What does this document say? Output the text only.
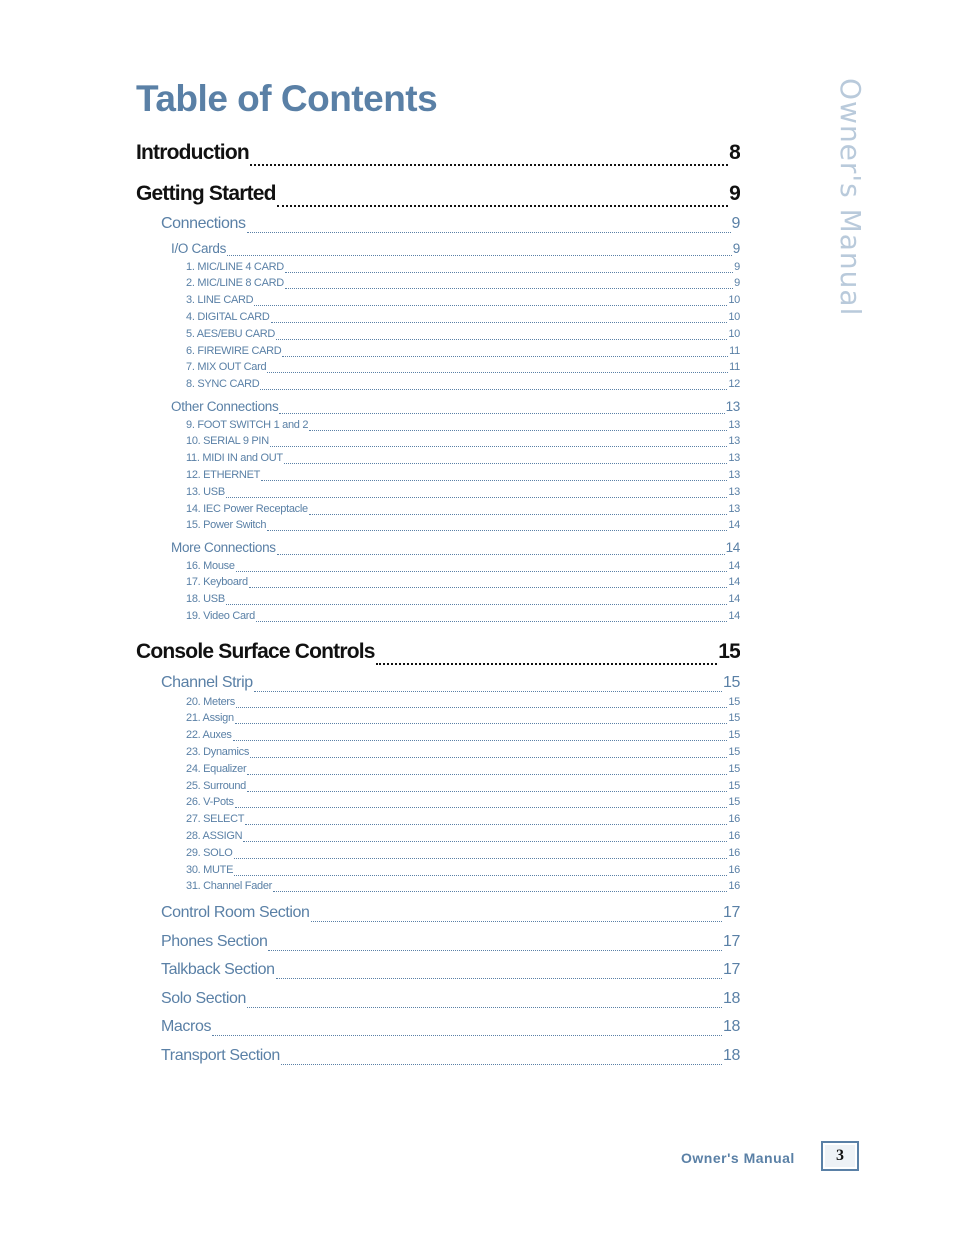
Table of Contents	Owner's Manual
Introduction	8
Getting Started	9
Connections	9
I/O Cards	9
1. MIC/LINE 4 CARD	9
2. MIC/LINE 8 CARD	9
3. LINE CARD	10
4. DIGITAL CARD	10
5. AES/EBU CARD	10
6. FIREWIRE CARD	11
7. MIX OUT Card	11
8. SYNC CARD	12
Other Connections	13
9. FOOT SWITCH 1 and 2	13
10. SERIAL 9 PIN	13
11. MIDI IN and OUT	13
12. ETHERNET	13
13. USB	13
14. IEC Power Receptacle	13
15. Power Switch	14
More Connections	14
16. Mouse	14
17. Keyboard	14
18. USB	14
19. Video Card	14
Console Surface Controls	15
Channel Strip	15
20. Meters	15
21. Assign	15
22. Auxes	15
23. Dynamics	15
24. Equalizer	15
25. Surround	15
26. V-Pots	15
27. SELECT	16
28. ASSIGN	16
29. SOLO	16
30. MUTE	16
31. Channel Fader	16
Control Room Section	17
Phones Section	17
Talkback Section	17
Solo Section	18
Macros	18
Transport Section	18
Owner's Manual	3
